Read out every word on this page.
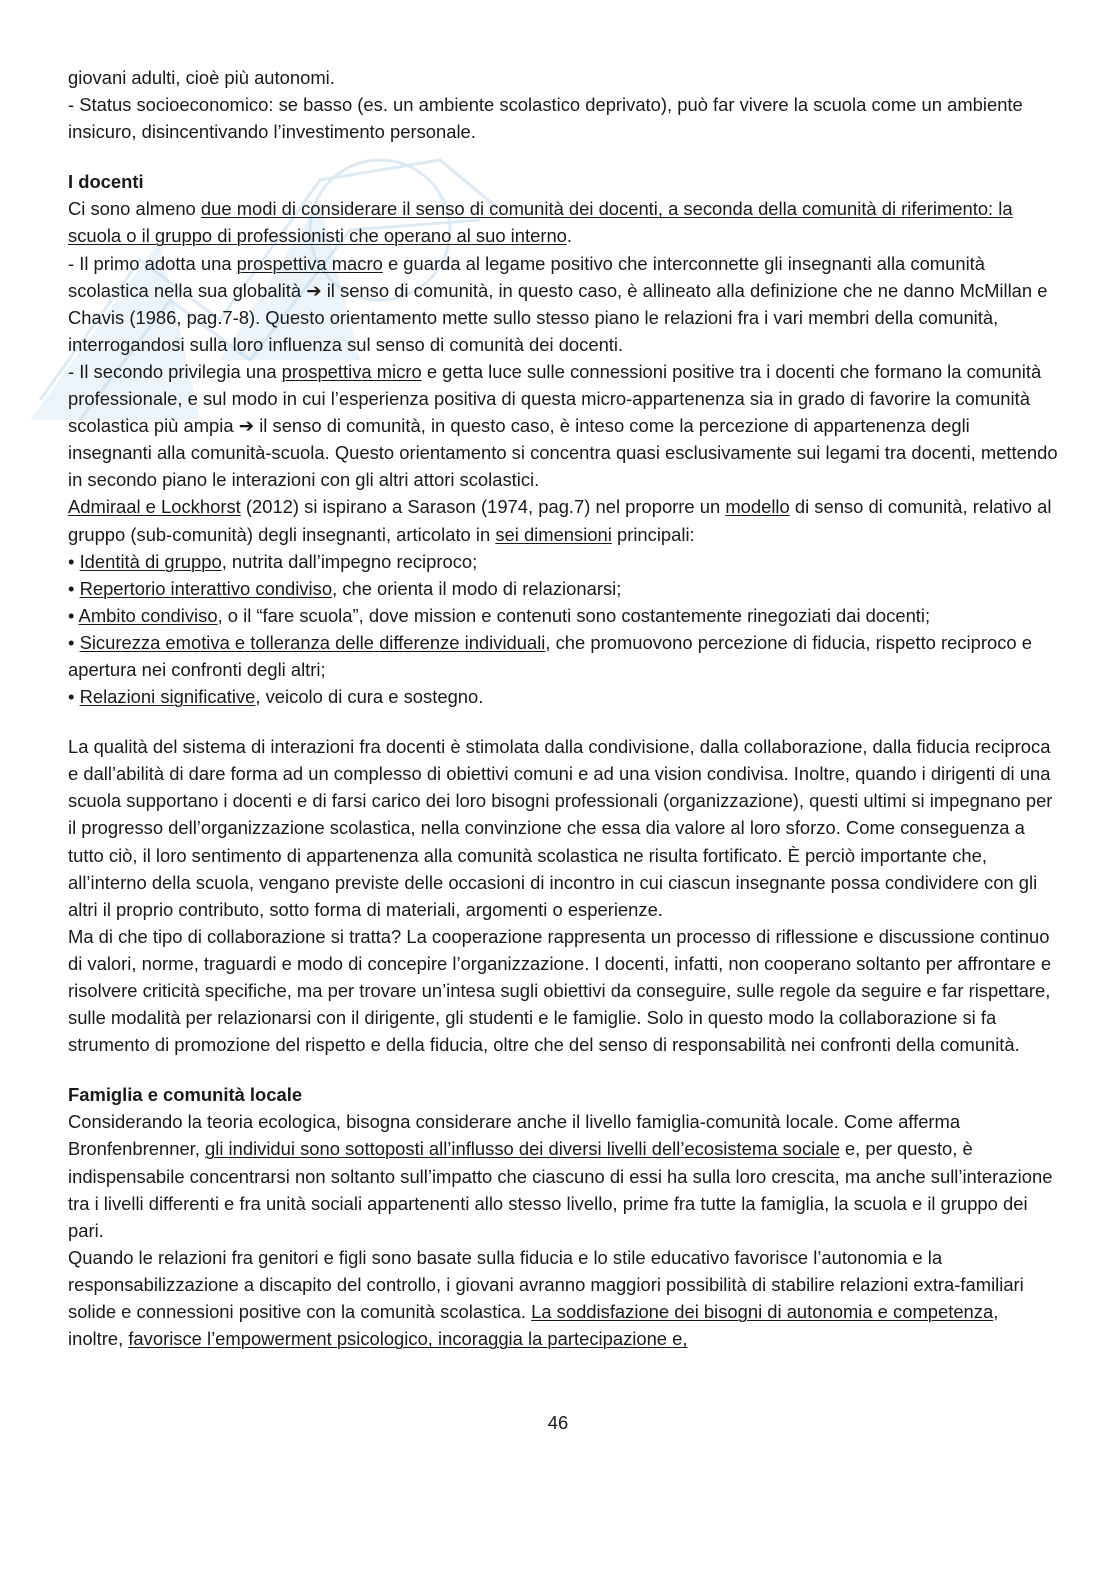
giovani adulti, cioè più autonomi.

- Status socioeconomico: se basso (es. un ambiente scolastico deprivato), può far vivere la scuola come un ambiente insicuro, disincentivando l’investimento personale.

I docenti

Ci sono almeno due modi di considerare il senso di comunità dei docenti, a seconda della comunità di riferimento: la scuola o il gruppo di professionisti che operano al suo interno.

- Il primo adotta una prospettiva macro e guarda al legame positivo che interconnette gli insegnanti alla comunità scolastica nella sua globalità ➔ il senso di comunità, in questo caso, è allineato alla definizione che ne danno McMillan e Chavis (1986, pag.7-8). Questo orientamento mette sullo stesso piano le relazioni fra i vari membri della comunità, interrogandosi sulla loro influenza sul senso di comunità dei docenti.

- Il secondo privilegia una prospettiva micro e getta luce sulle connessioni positive tra i docenti che formano la comunità professionale, e sul modo in cui l’esperienza positiva di questa micro-appartenenza sia in grado di favorire la comunità scolastica più ampia ➔ il senso di comunità, in questo caso, è inteso come la percezione di appartenenza degli insegnanti alla comunità-scuola. Questo orientamento si concentra quasi esclusivamente sui legami tra docenti, mettendo in secondo piano le interazioni con gli altri attori scolastici.

Admiraal e Lockhorst (2012) si ispirano a Sarason (1974, pag.7) nel proporre un modello di senso di comunità, relativo al gruppo (sub-comunità) degli insegnanti, articolato in sei dimensioni principali:

• Identità di gruppo, nutrita dall’impegno reciproco;

• Repertorio interattivo condiviso, che orienta il modo di relazionarsi;

• Ambito condiviso, o il “fare scuola”, dove mission e contenuti sono costantemente rinegoziati dai docenti;

• Sicurezza emotiva e tolleranza delle differenze individuali, che promuovono percezione di fiducia, rispetto reciproco e apertura nei confronti degli altri;

• Relazioni significative, veicolo di cura e sostegno.

La qualità del sistema di interazioni fra docenti è stimolata dalla condivisione, dalla collaborazione, dalla fiducia reciproca e dall’abilità di dare forma ad un complesso di obiettivi comuni e ad una vision condivisa. Inoltre, quando i dirigenti di una scuola supportano i docenti e di farsi carico dei loro bisogni professionali (organizzazione), questi ultimi si impegnano per il progresso dell’organizzazione scolastica, nella convinzione che essa dia valore al loro sforzo. Come conseguenza a tutto ciò, il loro sentimento di appartenenza alla comunità scolastica ne risulta fortificato. È perciò importante che, all’interno della scuola, vengano previste delle occasioni di incontro in cui ciascun insegnante possa condividere con gli altri il proprio contributo, sotto forma di materiali, argomenti o esperienze.

Ma di che tipo di collaborazione si tratta? La cooperazione rappresenta un processo di riflessione e discussione continuo di valori, norme, traguardi e modo di concepire l’organizzazione. I docenti, infatti, non cooperano soltanto per affrontare e risolvere criticità specifiche, ma per trovare un’intesa sugli obiettivi da conseguire, sulle regole da seguire e far rispettare, sulle modalità per relazionarsi con il dirigente, gli studenti e le famiglie. Solo in questo modo la collaborazione si fa strumento di promozione del rispetto e della fiducia, oltre che del senso di responsabilità nei confronti della comunità.

Famiglia e comunità locale

Considerando la teoria ecologica, bisogna considerare anche il livello famiglia-comunità locale. Come afferma Bronfenbrenner, gli individui sono sottoposti all’influsso dei diversi livelli dell’ecosistema sociale e, per questo, è indispensabile concentrarsi non soltanto sull’impatto che ciascuno di essi ha sulla loro crescita, ma anche sull’interazione tra i livelli differenti e fra unità sociali appartenenti allo stesso livello, prime fra tutte la famiglia, la scuola e il gruppo dei pari.

Quando le relazioni fra genitori e figli sono basate sulla fiducia e lo stile educativo favorisce l’autonomia e la responsabilizzazione a discapito del controllo, i giovani avranno maggiori possibilità di stabilire relazioni extra-familiari solide e connessioni positive con la comunità scolastica. La soddisfazione dei bisogni di autonomia e competenza, inoltre, favorisce l’empowerment psicologico, incoraggia la partecipazione e,

46
